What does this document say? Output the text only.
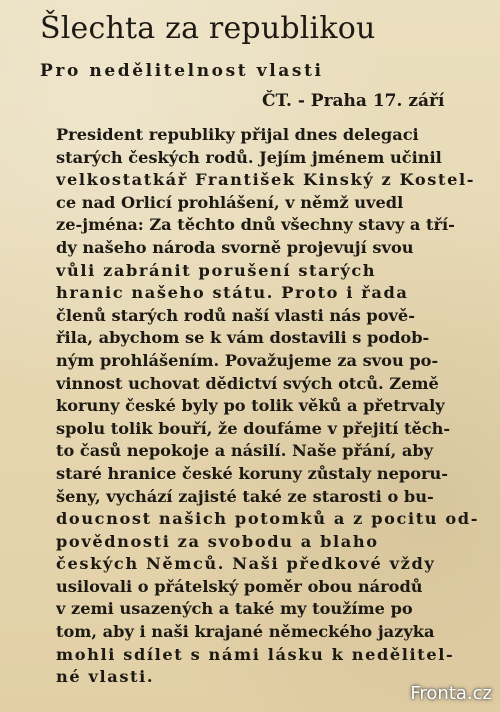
Šlechta za republikou
Pro nedělitelnost vlasti
ČT. - Praha 17. září
President republiky přijal dnes delegaci
starých českých rodů. Jejím jménem učinil
velkostatkář František Kinský z Kostel-
ce nad Orlicí prohlášení, v němž uvedl
ze-jména: Za těchto dnů všechny stavy a tří-
dy našeho národa svorně projevují svou
vůli zabránit porušení starých
hranic našeho státu. Proto i řada
členů starých rodů naší vlasti nás pově-
řila, abychom se k vám dostavili s podob-
ným prohlášením. Považujeme za svou po-
vinnost uchovat dědictví svých otců. Země
koruny české byly po tolik věků a přetrvaly
spolu tolik bouří, že doufáme v přejití těch-
to časů nepokoje a násilí. Naše přání, aby
staré hranice české koruny zůstaly neporu-
šeny, vychází zajisté také ze starosti o bu-
doucnost našich potomků a z pocitu od-
povědnosti za svobodu a blaho
českých Němců. Naši předkové vždy
usilovali o přátelský poměr obou národů
v zemi usazených a také my toužíme po
tom, aby i naši krajané německého jazyka
mohli sdílet s námi lásku k nedělitel-
né vlasti.
Fronta.cz
